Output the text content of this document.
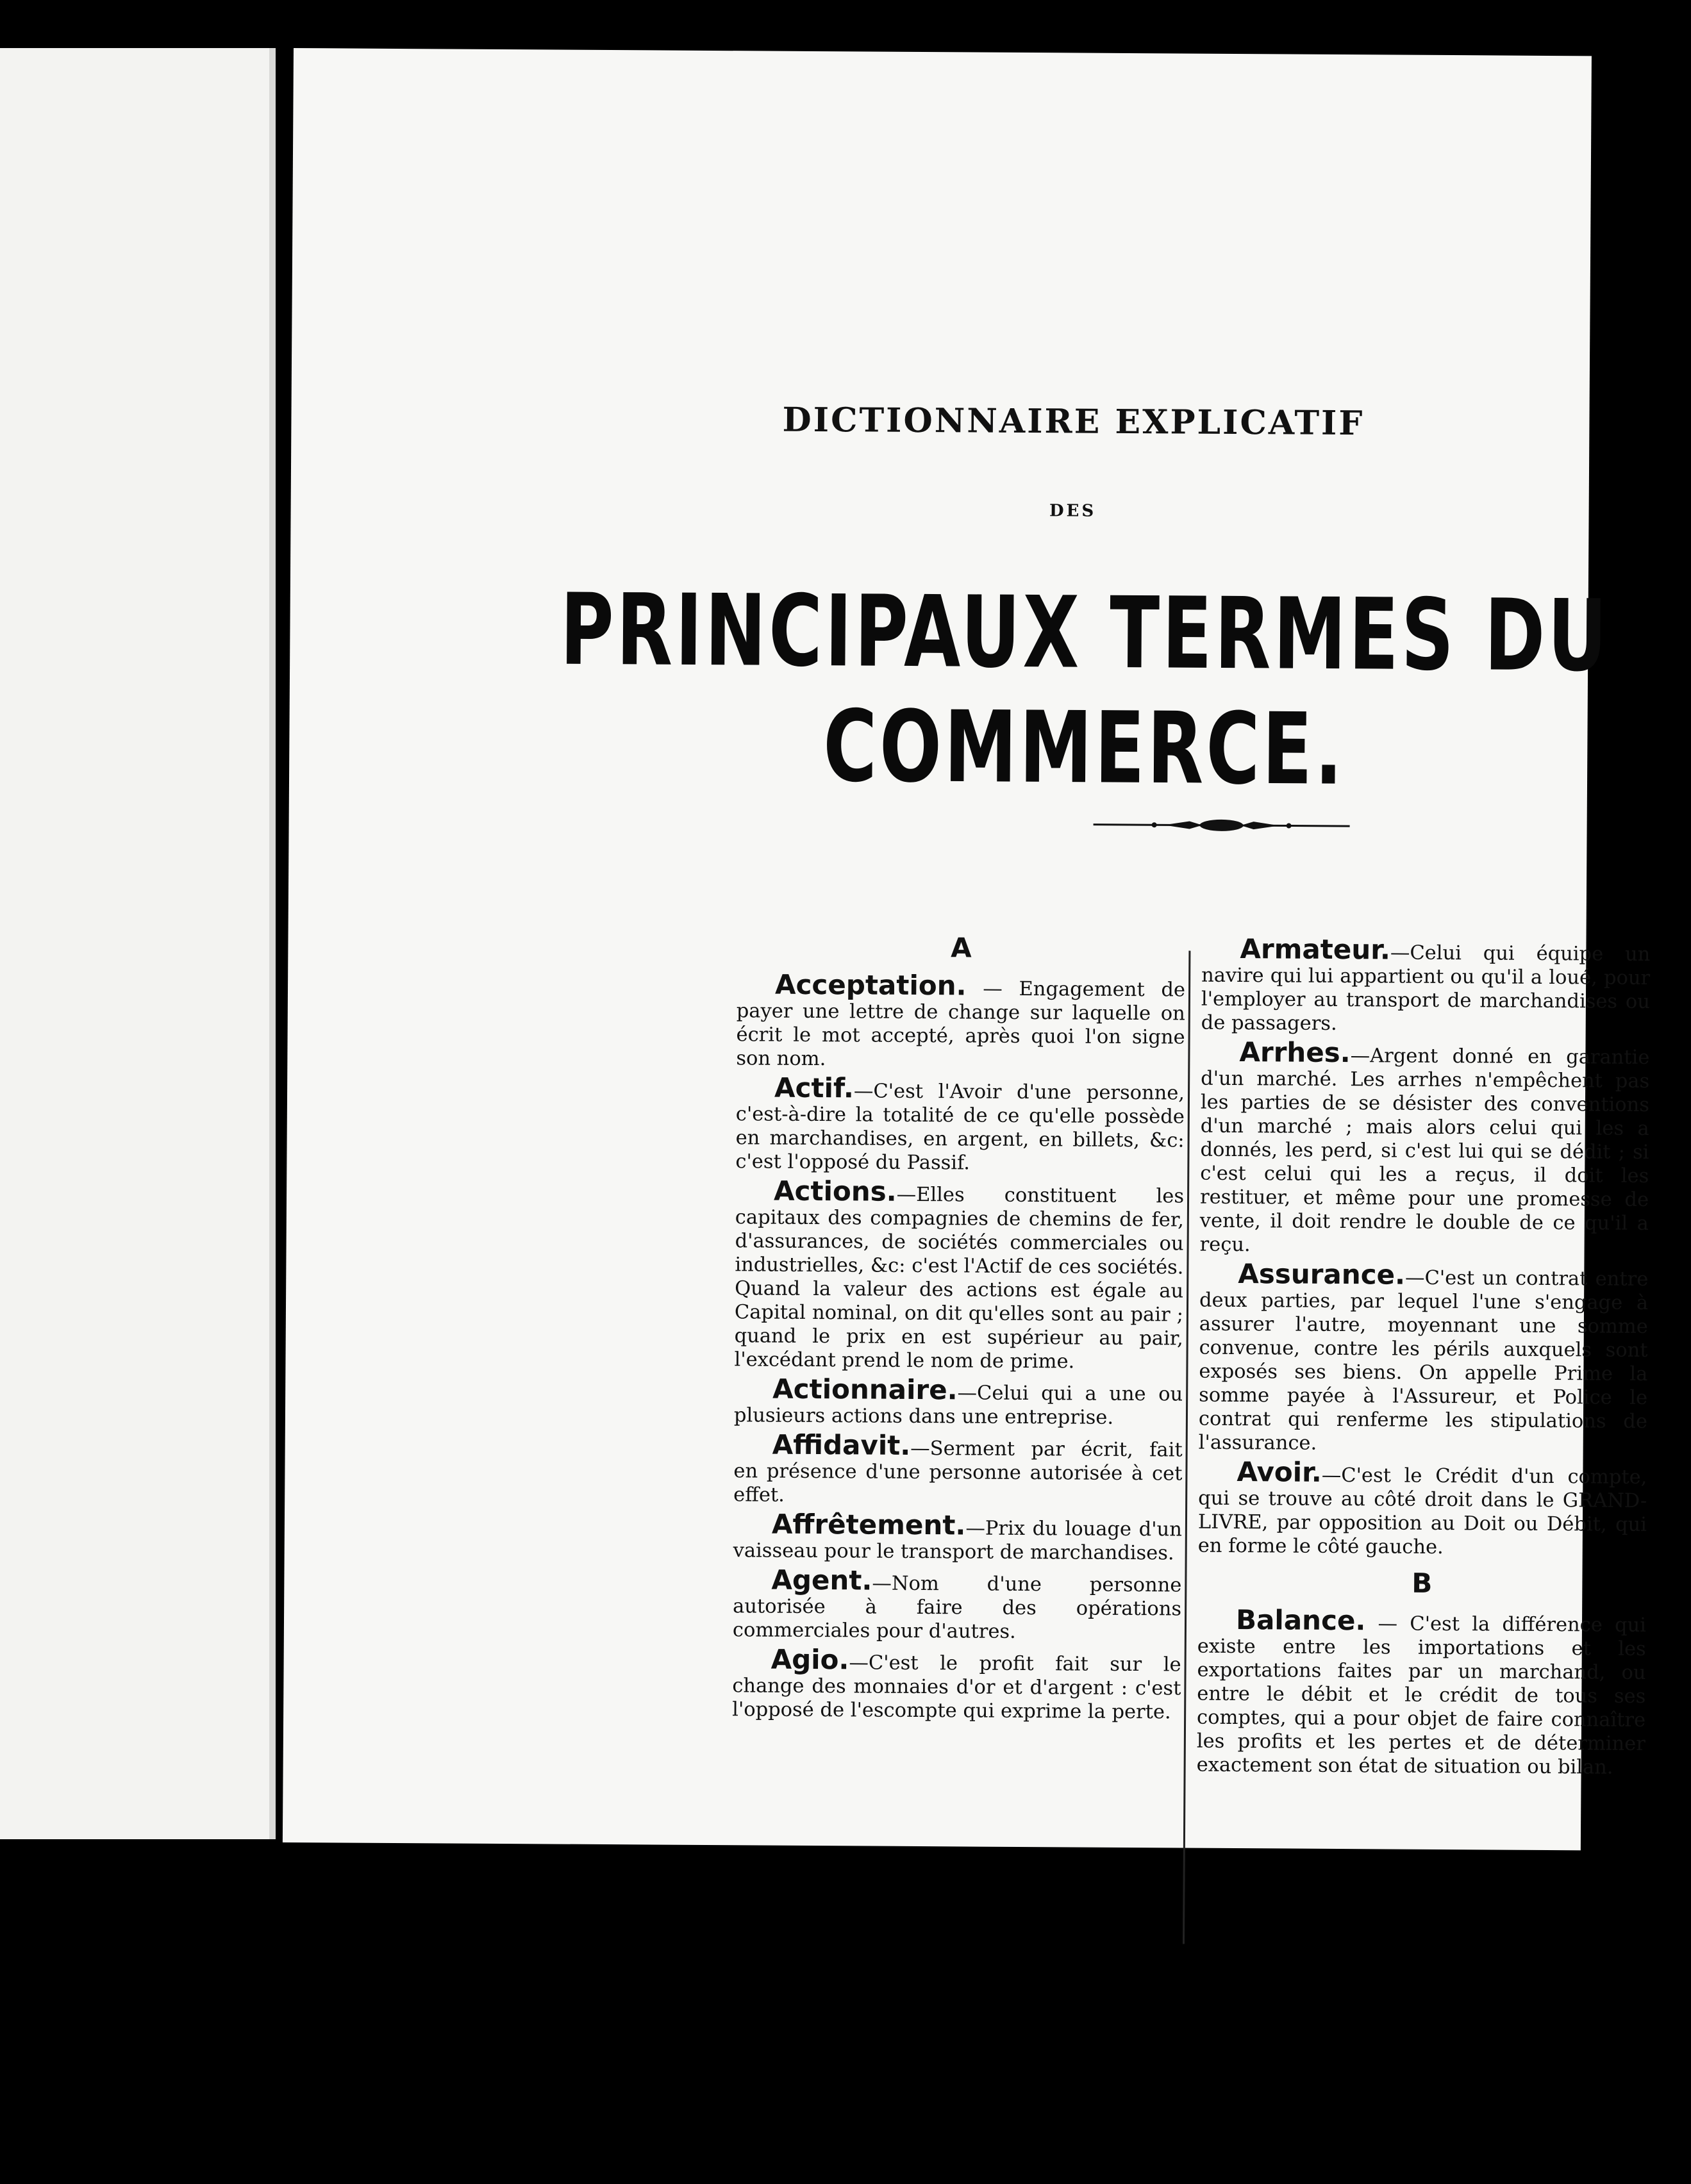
DICTIONNAIRE EXPLICATIF
DES
PRINCIPAUX TERMES DU COMMERCE.
A

Acceptation. — Engagement de payer une lettre de change sur laquelle on écrit le mot accepté, après quoi l'on signe son nom.

Actif.—C'est l'Avoir d'une personne, c'est-à-dire la totalité de ce qu'elle possède en marchandises, en argent, en billets, &c: c'est l'opposé du Passif.

Actions.—Elles constituent les capitaux des compagnies de chemins de fer, d'assurances, de sociétés commerciales ou industrielles, &c: c'est l'Actif de ces sociétés. Quand la valeur des actions est égale au Capital nominal, on dit qu'elles sont au pair ; quand le prix en est supérieur au pair, l'excédant prend le nom de prime.

Actionnaire.—Celui qui a une ou plusieurs actions dans une entreprise.

Affidavit.—Serment par écrit, fait en présence d'une personne autorisée à cet effet.

Affrêtement.—Prix du louage d'un vaisseau pour le transport de marchandises.

Agent.—Nom d'une personne autorisée à faire des opérations commerciales pour d'autres.

Agio.—C'est le profit fait sur le change des monnaies d'or et d'argent : c'est l'opposé de l'escompte qui exprime la perte.

Armateur.—Celui qui équipe un navire qui lui appartient ou qu'il a loué, pour l'employer au transport de marchandises ou de passagers.

Arrhes.—Argent donné en garantie d'un marché. Les arrhes n'empêchent pas les parties de se désister des conventions d'un marché ; mais alors celui qui les a donnés, les perd, si c'est lui qui se dédit ; si c'est celui qui les a reçus, il doit les restituer, et même pour une promesse de vente, il doit rendre le double de ce qu'il a reçu.

Assurance.—C'est un contrat entre deux parties, par lequel l'une s'engage à assurer l'autre, moyennant une somme convenue, contre les périls auxquels sont exposés ses biens. On appelle Prime la somme payée à l'Assureur, et Police le contrat qui renferme les stipulations de l'assurance.

Avoir.—C'est le Crédit d'un compte, qui se trouve au côté droit dans le GRAND-LIVRE, par opposition au Doit ou Débit, qui en forme le côté gauche.

B

Balance. — C'est la différence qui existe entre les importations et les exportations faites par un marchand, ou entre le débit et le crédit de tous ses comptes, qui a pour objet de faire connaître les profits et les pertes et de déterminer exactement son état de situation ou bilan.
